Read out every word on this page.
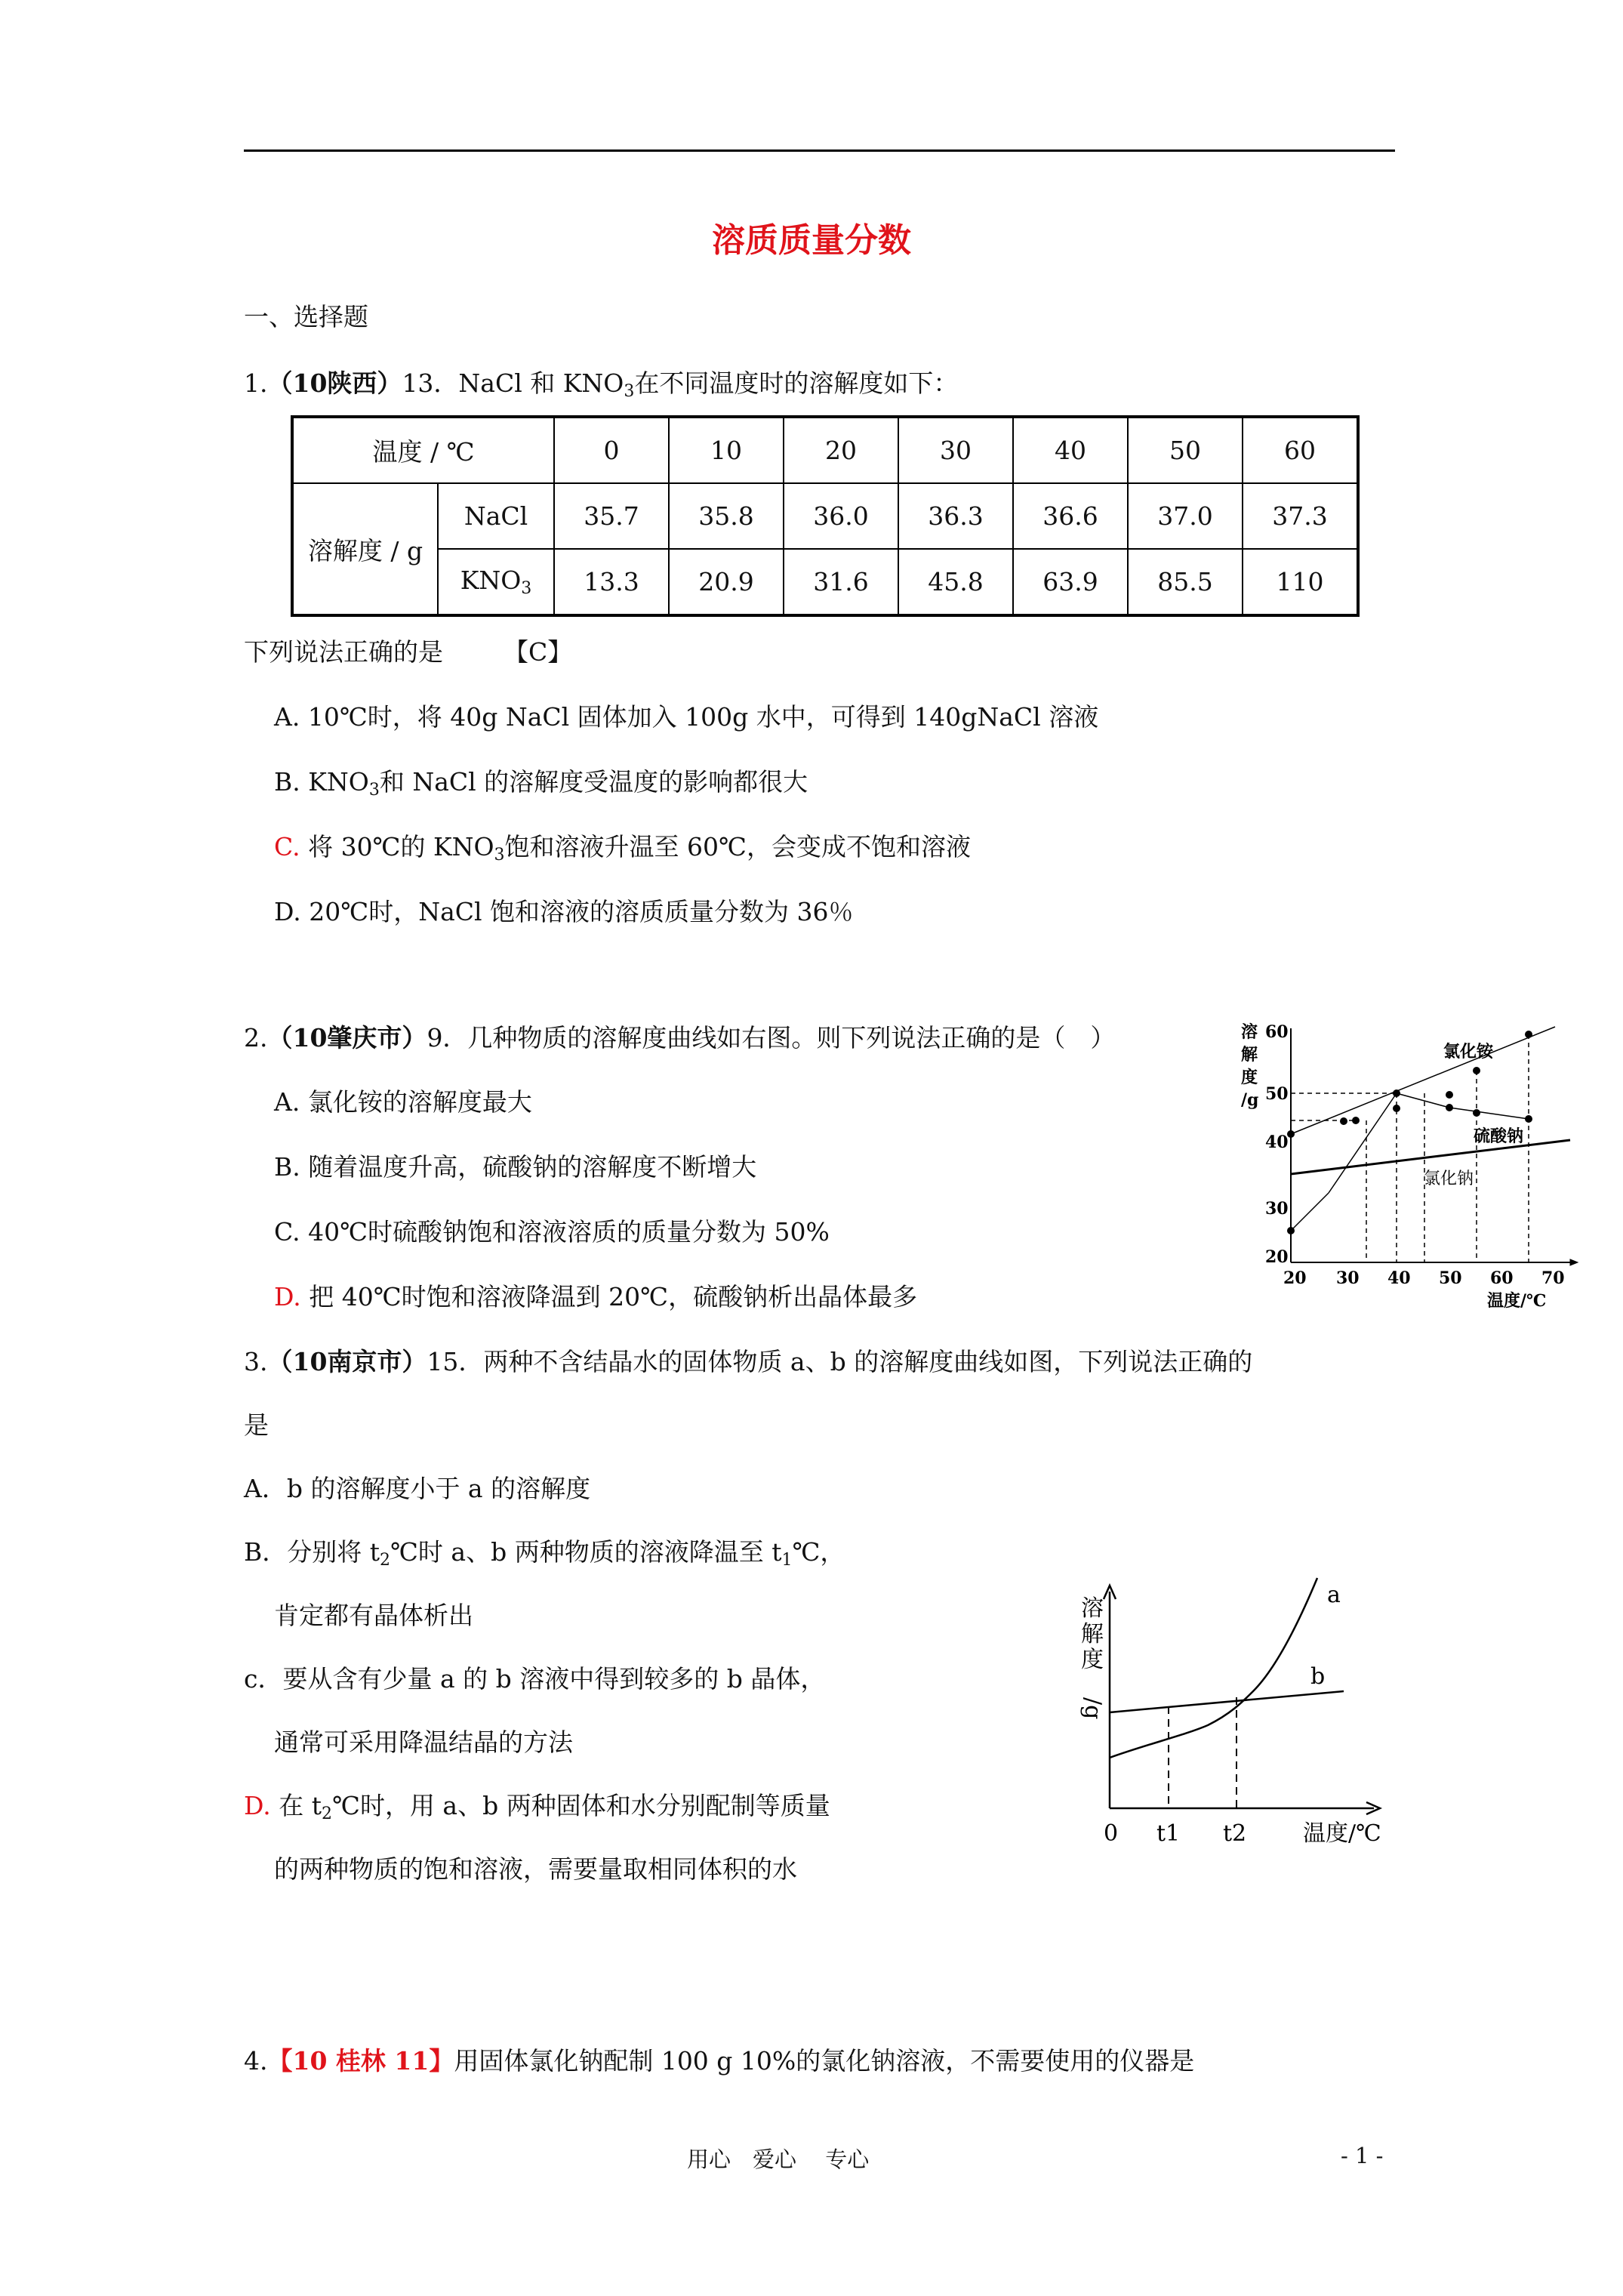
溶质质量分数
一、选择题
1.（10陕西）13．NaCl 和 $KNO_3$在不同温度时的溶解度如下：
温度 / ℃		0	10	20	30	40	50	60
溶解度 / g	NaCl	35.7	35.8	36.0	36.3	36.6	37.0	37.3
	$KNO_3$	13.3	20.9	31.6	45.8	63.9	85.5	110
下列说法正确的是 【C】
A. 10℃时，将 40g NaCl 固体加入 100g 水中，可得到 140gNaCl 溶液
B. $KNO_3$和 NaCl 的溶解度受温度的影响都很大
C. 将 30℃的 $KNO_3$饱和溶液升温至 60℃，会变成不饱和溶液
D. 20℃时，NaCl 饱和溶液的溶质质量分数为 36％
2.（10肇庆市）9．几种物质的溶解度曲线如右图。则下列说法正确的是（　）
A. 氯化铵的溶解度最大
B. 随着温度升高，硫酸钠的溶解度不断增大
C. 40℃时硫酸钠饱和溶液溶质的质量分数为 50%
D. 把 40℃时饱和溶液降温到 20℃，硫酸钠析出晶体最多
溶
解
度
/g
60
50
40
30
20
20 30 40 50 60 70
温度/℃
氯化铵
硫酸钠
氯化钠
3.（10南京市）15．两种不含结晶水的固体物质 a、b 的溶解度曲线如图，下列说法正确的
是
A．b 的溶解度小于 a 的溶解度
B．分别将 $t_2℃$时 a、b 两种物质的溶液降温至 $t_1℃$，
肯定都有晶体析出
c．要从含有少量 a 的 b 溶液中得到较多的 b 晶体，
通常可采用降温结晶的方法
D. 在 $t_2℃$时，用 a、b 两种固体和水分别配制等质量
的两种物质的饱和溶液，需要量取相同体积的水
溶
解
度
/g
a
b
0 t1 t2 温度/℃
4.【10 桂林 11】用固体氯化钠配制 100 g 10%的氯化钠溶液，不需要使用的仪器是
用心　爱心　 专心	- 1 -
